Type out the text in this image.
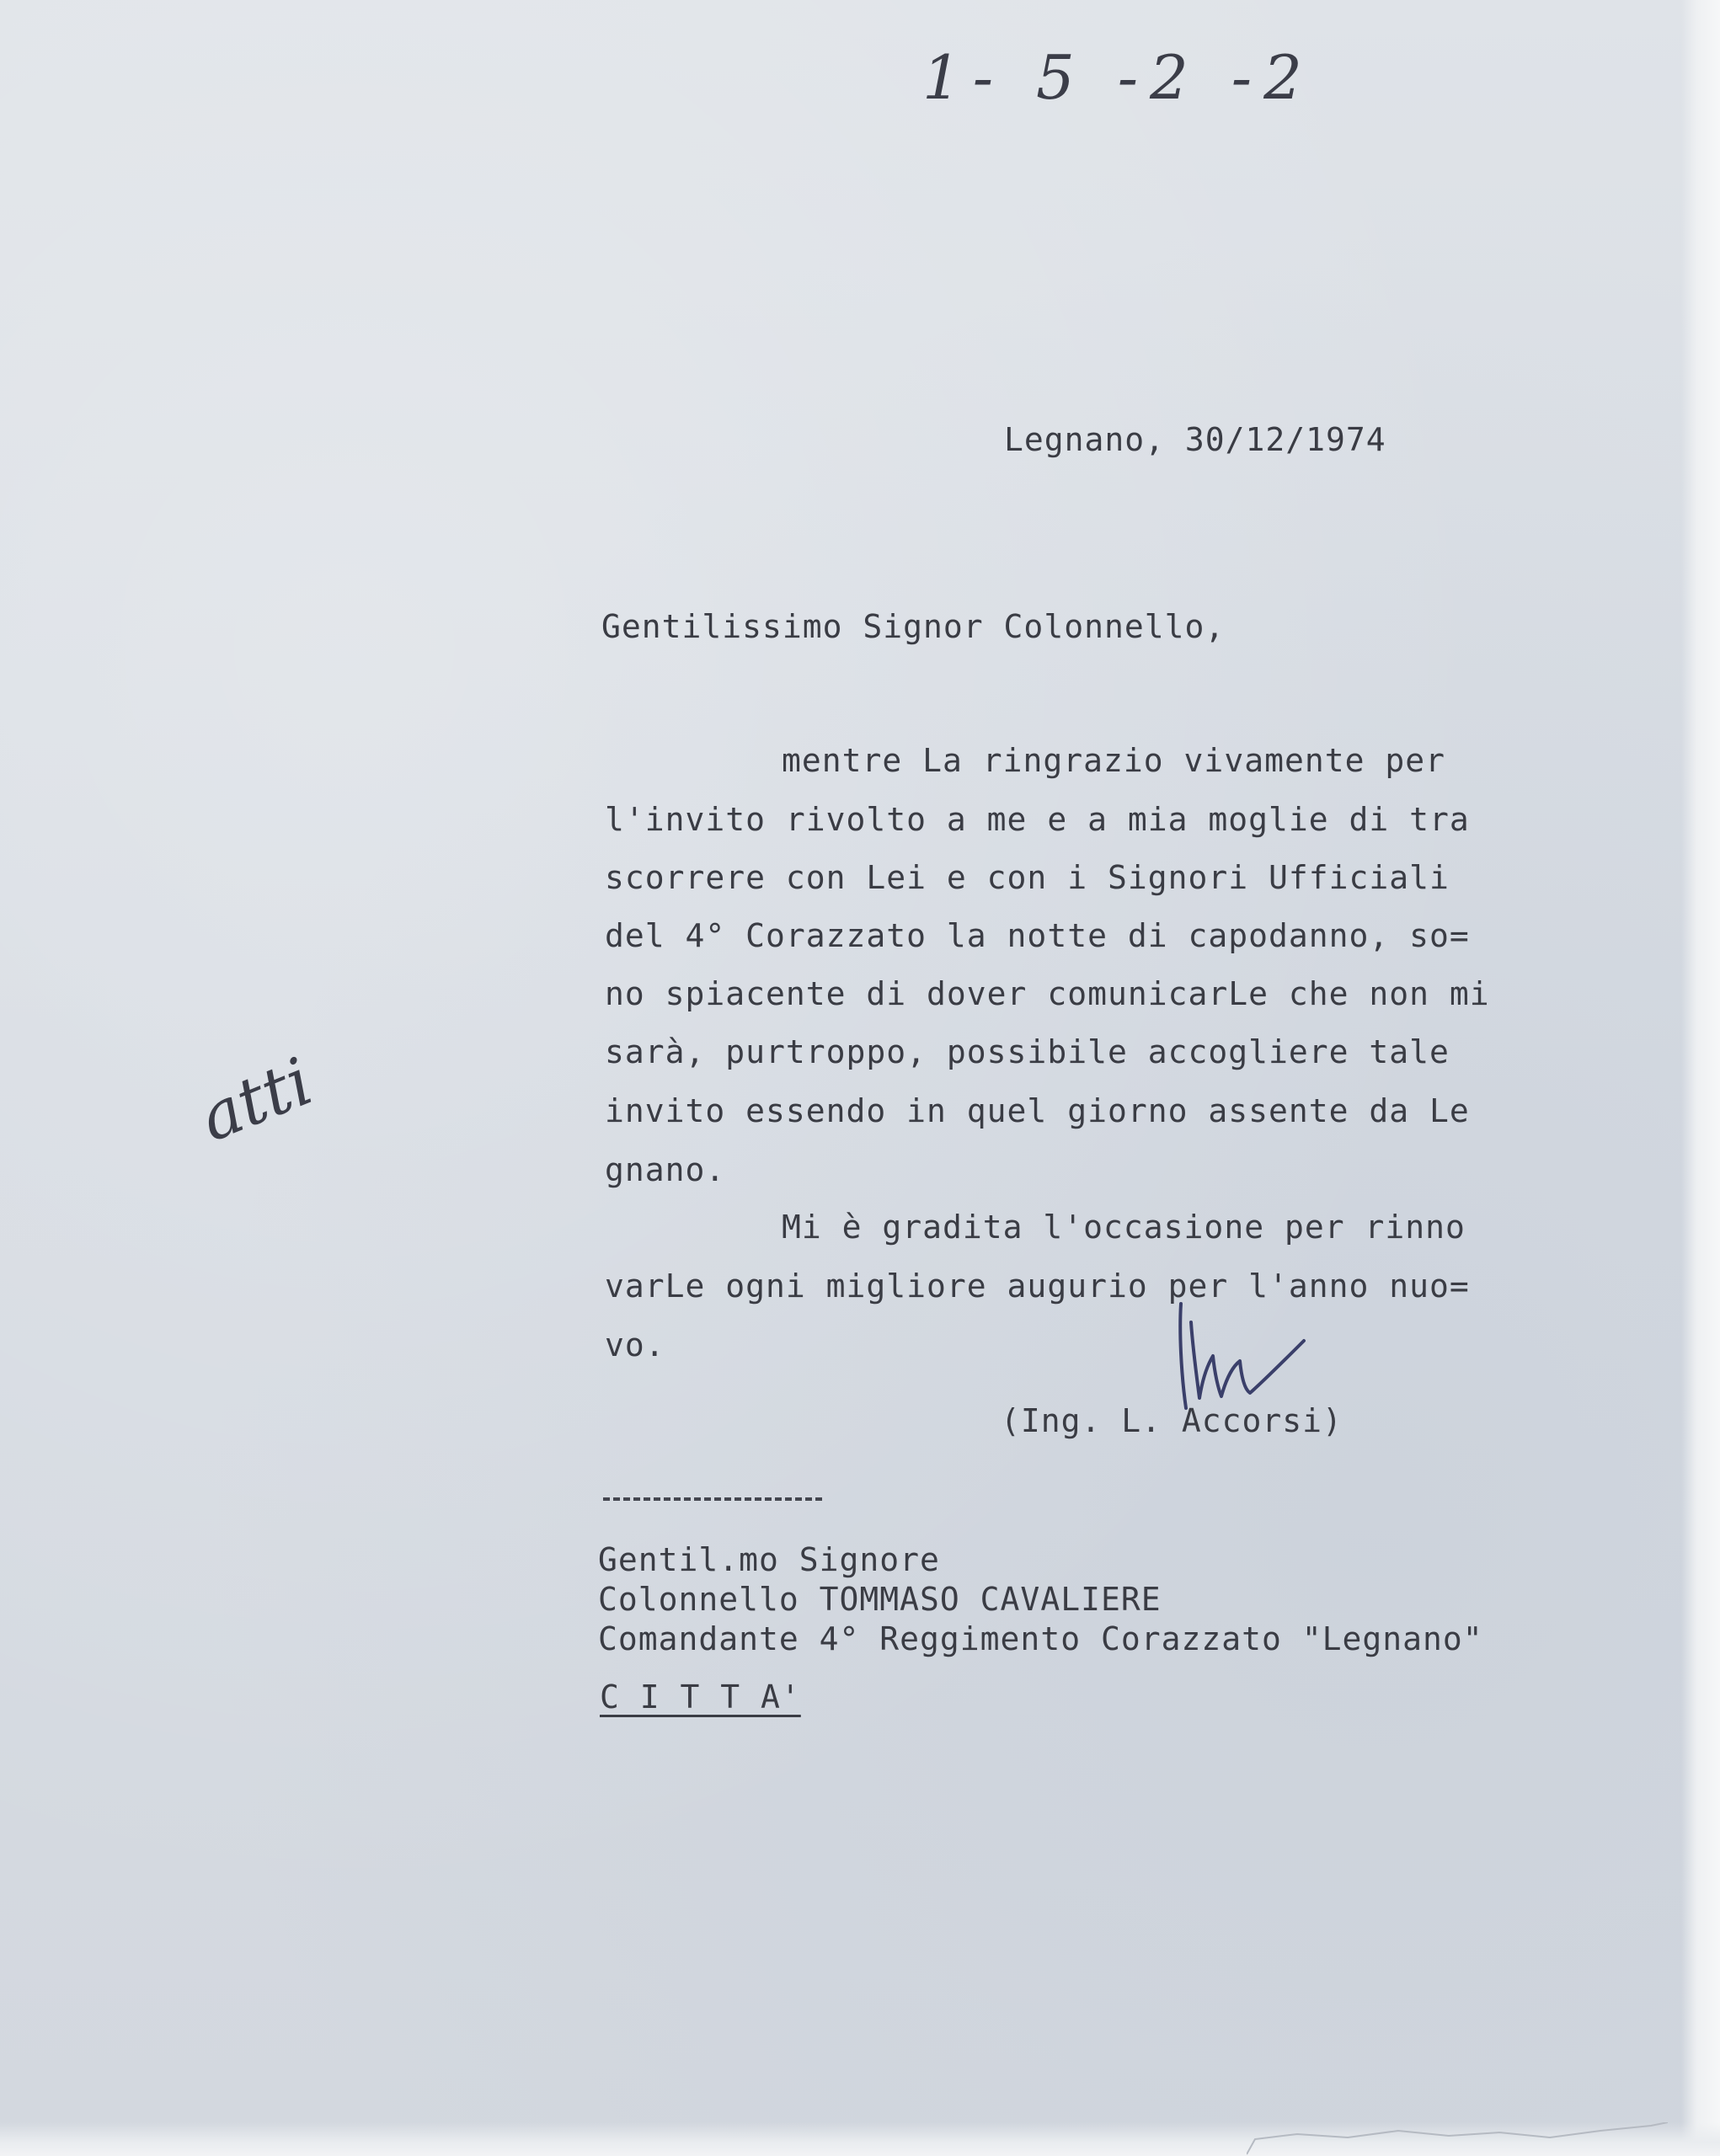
1- 5 -2 -2
atti
Legnano, 30/12/1974
Gentilissimo Signor Colonnello,
mentre La ringrazio vivamente per
l'invito rivolto a me e a mia moglie di tra
scorrere con Lei e con i Signori Ufficiali
del 4° Corazzato la notte di capodanno, so=
no spiacente di dover comunicarLe che non mi
sarà, purtroppo, possibile accogliere tale
invito essendo in quel giorno assente da Le
gnano.
Mi è gradita l'occasione per rinno
varLe ogni migliore augurio per l'anno nuo=
vo.
(Ing. L. Accorsi)
Gentil.mo Signore
Colonnello TOMMASO CAVALIERE
Comandante 4° Reggimento Corazzato "Legnano"
C I T T A'
